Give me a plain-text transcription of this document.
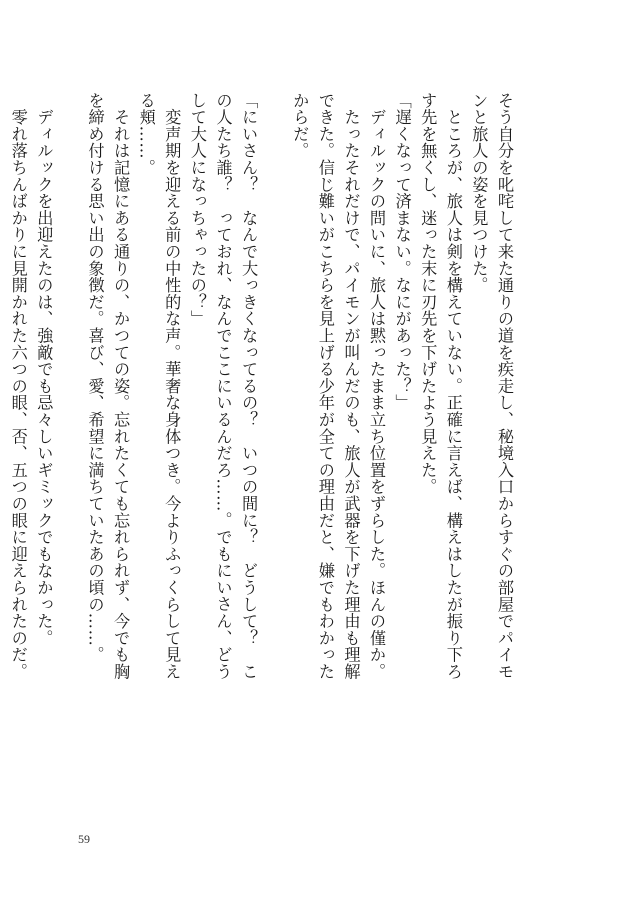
そう自分を叱咤して来た通りの道を疾走し、秘境入口からすぐの部屋でパイモンと旅人の姿を見つけた。

　ところが、旅人は剣を構えていない。正確に言えば、構えはしたが振り下ろす先を無くし、迷った末に刃先を下げたよう見えた。

「遅くなって済まない。なにがあった？」

　ディルックの問いに、旅人は黙ったまま立ち位置をずらした。ほんの僅か。

　たったそれだけで、パイモンが叫んだのも、旅人が武器を下げた理由も理解できた。信じ難いがこちらを見上げる少年が全ての理由だと、嫌でもわかったからだ。

「にいさん？　なんで大っきくなってるの？　いつの間に？　どうして？　この人たち誰？　っておれ、なんでここにいるんだろ……。でもにいさん、どうして大人になっちゃったの？」

　変声期を迎える前の中性的な声。華奢な身体つき。今よりふっくらして見える頬……。

　それは記憶にある通りの、かつての姿。忘れたくても忘れられず、今でも胸を締め付ける思い出の象徴だ。喜び、愛、希望に満ちていたあの頃の……。

　ディルックを出迎えたのは、強敵でも忌々しいギミックでもなかった。

　零れ落ちんばかりに見開かれた六つの眼、否、五つの眼に迎えられたのだ。

59
